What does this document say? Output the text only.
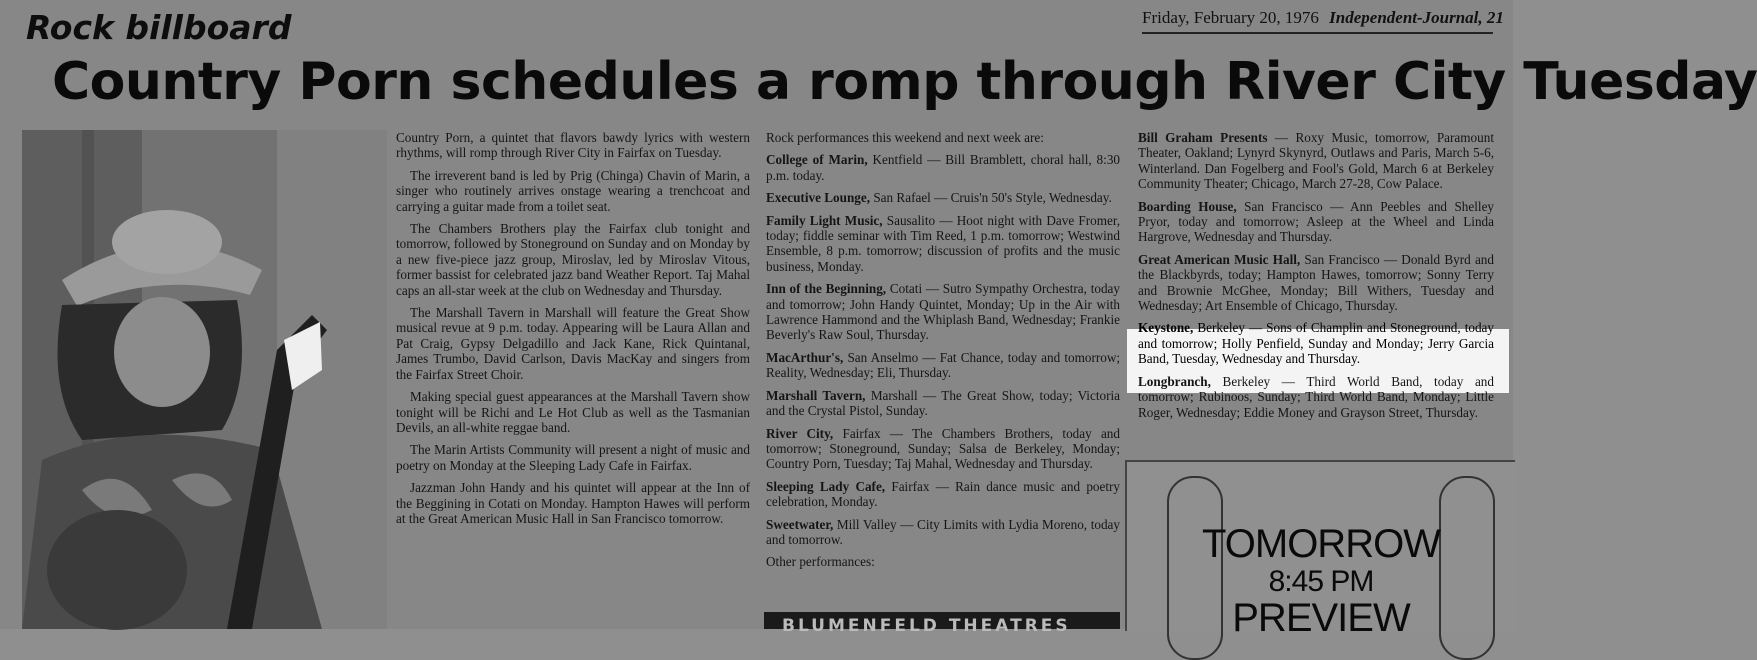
Rock billboard	Friday, February 20, 1976 Independent-Journal, 21
Country Porn schedules a romp through River City Tuesday

Country Porn, a quintet that flavors bawdy lyrics with western rhythms, will romp through River City in Fairfax on Tuesday.

The irreverent band is led by Prig (Chinga) Chavin of Marin, a singer who routinely arrives onstage wearing a trenchcoat and carrying a guitar made from a toilet seat.

The Chambers Brothers play the Fairfax club tonight and tomorrow, followed by Stoneground on Sunday and on Monday by a new five-piece jazz group, Miroslav, led by Miroslav Vitous, former bassist for celebrated jazz band Weather Report. Taj Mahal caps an all-star week at the club on Wednesday and Thursday.

The Marshall Tavern in Marshall will feature the Great Show musical revue at 9 p.m. today. Appearing will be Laura Allan and Pat Craig, Gypsy Delgadillo and Jack Kane, Rick Quintanal, James Trumbo, David Carlson, Davis MacKay and singers from the Fairfax Street Choir.

Making special guest appearances at the Marshall Tavern show tonight will be Richi and Le Hot Club as well as the Tasmanian Devils, an all-white reggae band.

The Marin Artists Community will present a night of music and poetry on Monday at the Sleeping Lady Cafe in Fairfax.

Jazzman John Handy and his quintet will appear at the Inn of the Beggining in Cotati on Monday. Hampton Hawes will perform at the Great American Music Hall in San Francisco tomorrow.

Rock performances this weekend and next week are:

College of Marin, Kentfield — Bill Bramblett, choral hall, 8:30 p.m. today.

Executive Lounge, San Rafael — Cruis'n 50's Style, Wednesday.

Family Light Music, Sausalito — Hoot night with Dave Fromer, today; fiddle seminar with Tim Reed, 1 p.m. tomorrow; Westwind Ensemble, 8 p.m. tomorrow; discussion of profits and the music business, Monday.

Inn of the Beginning, Cotati — Sutro Sympathy Orchestra, today and tomorrow; John Handy Quintet, Monday; Up in the Air with Lawrence Hammond and the Whiplash Band, Wednesday; Frankie Beverly's Raw Soul, Thursday.

MacArthur's, San Anselmo — Fat Chance, today and tomorrow; Reality, Wednesday; Eli, Thursday.

Marshall Tavern, Marshall — The Great Show, today; Victoria and the Crystal Pistol, Sunday.

River City, Fairfax — The Chambers Brothers, today and tomorrow; Stoneground, Sunday; Salsa de Berkeley, Monday; Country Porn, Tuesday; Taj Mahal, Wednesday and Thursday.

Sleeping Lady Cafe, Fairfax — Rain dance music and poetry celebration, Monday.

Sweetwater, Mill Valley — City Limits with Lydia Moreno, today and tomorrow.

Other performances:

Bill Graham Presents — Roxy Music, tomorrow, Paramount Theater, Oakland; Lynyrd Skynyrd, Outlaws and Paris, March 5-6, Winterland. Dan Fogelberg and Fool's Gold, March 6 at Berkeley Community Theater; Chicago, March 27-28, Cow Palace.

Boarding House, San Francisco — Ann Peebles and Shelley Pryor, today and tomorrow; Asleep at the Wheel and Linda Hargrove, Wednesday and Thursday.

Great American Music Hall, San Francisco — Donald Byrd and the Blackbyrds, today; Hampton Hawes, tomorrow; Sonny Terry and Brownie McGhee, Monday; Bill Withers, Tuesday and Wednesday; Art Ensemble of Chicago, Thursday.

Keystone, Berkeley — Sons of Champlin and Stoneground, today and tomorrow; Holly Penfield, Sunday and Monday; Jerry Garcia Band, Tuesday, Wednesday and Thursday.

Longbranch, Berkeley — Third World Band, today and tomorrow; Rubinoos, Sunday; Third World Band, Monday; Little Roger, Wednesday; Eddie Money and Grayson Street, Thursday.

TOMORROW
8:45 PM
PREVIEW
BLUMENFELD THEATRES
